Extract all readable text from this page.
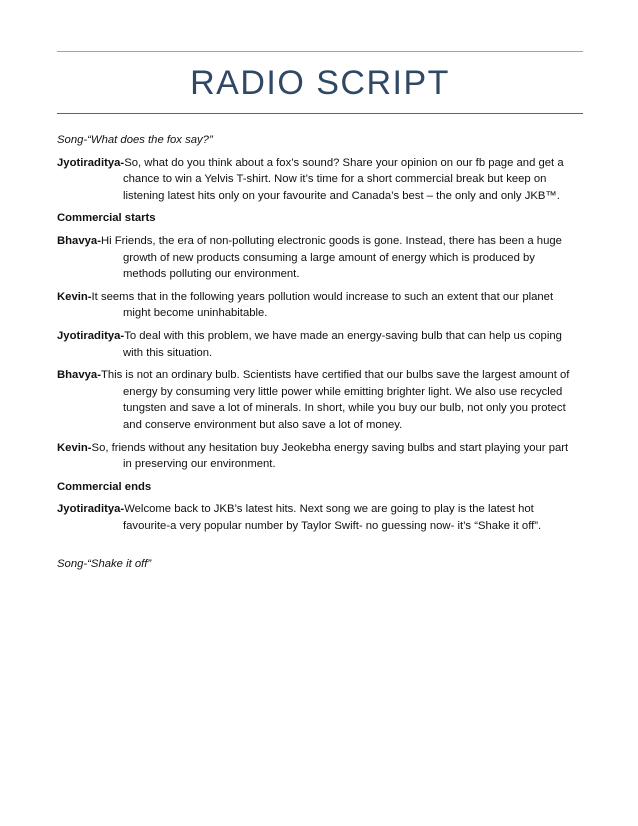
RADIO SCRIPT
Song-“What does the fox say?”
Jyotiraditya-So, what do you think about a fox’s sound? Share your opinion on our fb page and get a
chance to win a Yelvis T-shirt. Now it’s time for a short commercial break but keep on
listening latest hits only on your favourite and Canada’s best – the only and only JKB™.
Commercial starts
Bhavya-Hi Friends, the era of non-polluting electronic goods is gone. Instead, there has been a huge
growth of new products consuming a large amount of energy which is produced by
methods polluting our environment.
Kevin-It seems that in the following years pollution would increase to such an extent that our planet
might become uninhabitable.
Jyotiraditya-To deal with this problem, we have made an energy-saving bulb that can help us coping
with this situation.
Bhavya-This is not an ordinary bulb. Scientists have certified that our bulbs save the largest amount of
energy by consuming very little power while emitting brighter light. We also use recycled
tungsten and save a lot of minerals. In short, while you buy our bulb, not only you protect
and conserve environment but also save a lot of money.
Kevin-So, friends without any hesitation buy Jeokebha energy saving bulbs and start playing your part
in preserving our environment.
Commercial ends
Jyotiraditya-Welcome back to JKB’s latest hits. Next song we are going to play is the latest hot
favourite-a very popular number by Taylor Swift- no guessing now- it’s “Shake it off”.
Song-“Shake it off”
